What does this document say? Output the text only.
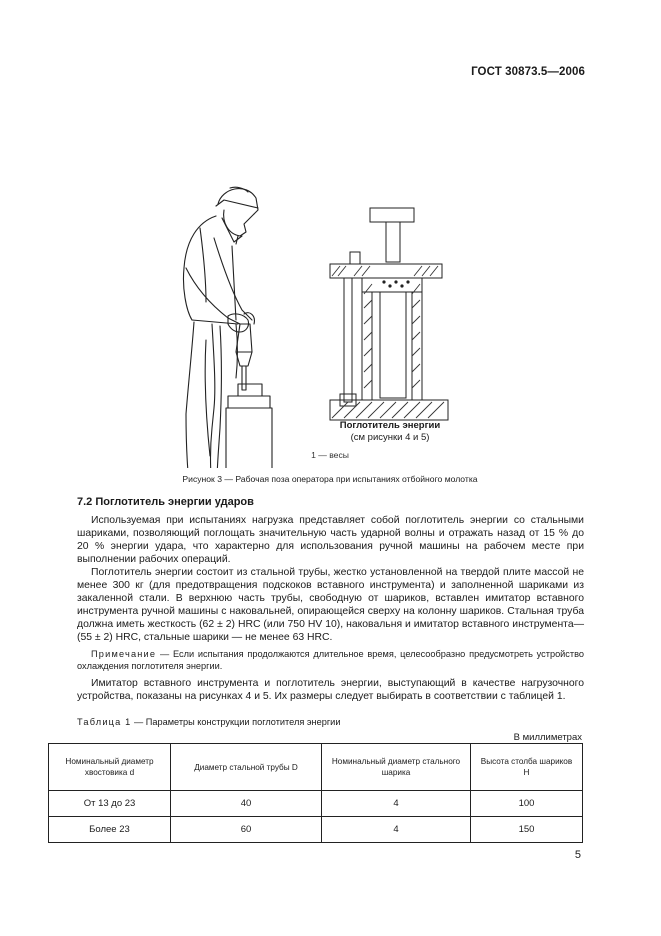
ГОСТ 30873.5—2006
Поглотитель энергии
(см рисунки 4 и 5)
1 — весы
Рисунок 3 — Рабочая поза оператора при испытаниях отбойного молотка
7.2 Поглотитель энергии ударов
Используемая при испытаниях нагрузка представляет собой поглотитель энергии со стальными шариками, позволяющий поглощать значительную часть ударной волны и отражать назад от 15 % до 20 % энергии удара, что характерно для использования ручной машины на рабочем месте при выполнении рабочих операций.
Поглотитель энергии состоит из стальной трубы, жестко установленной на твердой плите массой не менее 300 кг (для предотвращения подскоков вставного инструмента) и заполненной шариками из закаленной стали. В верхнюю часть трубы, свободную от шариков, вставлен имитатор вставного инструмента ручной машины с наковальней, опирающейся сверху на колонну шариков. Стальная труба должна иметь жесткость (62 ± 2) HRC (или 750 HV 10), наковальня и имитатор вставного инструмента—(55 ± 2) HRC, стальные шарики — не менее 63 HRC.
Примечание — Если испытания продолжаются длительное время, целесообразно предусмотреть устройство охлаждения поглотителя энергии.
Имитатор вставного инструмента и поглотитель энергии, выступающий в качестве нагрузочного устройства, показаны на рисунках 4 и 5. Их размеры следует выбирать в соответствии с таблицей 1.
Таблица 1 — Параметры конструкции поглотителя энергии
В миллиметрах
Номинальный диаметр хвостовика d	Диаметр стальной трубы D	Номинальный диаметр стального шарика	Высота столба шариков H
От 13 до 23	40	4	100
Более 23	60	4	150
5
